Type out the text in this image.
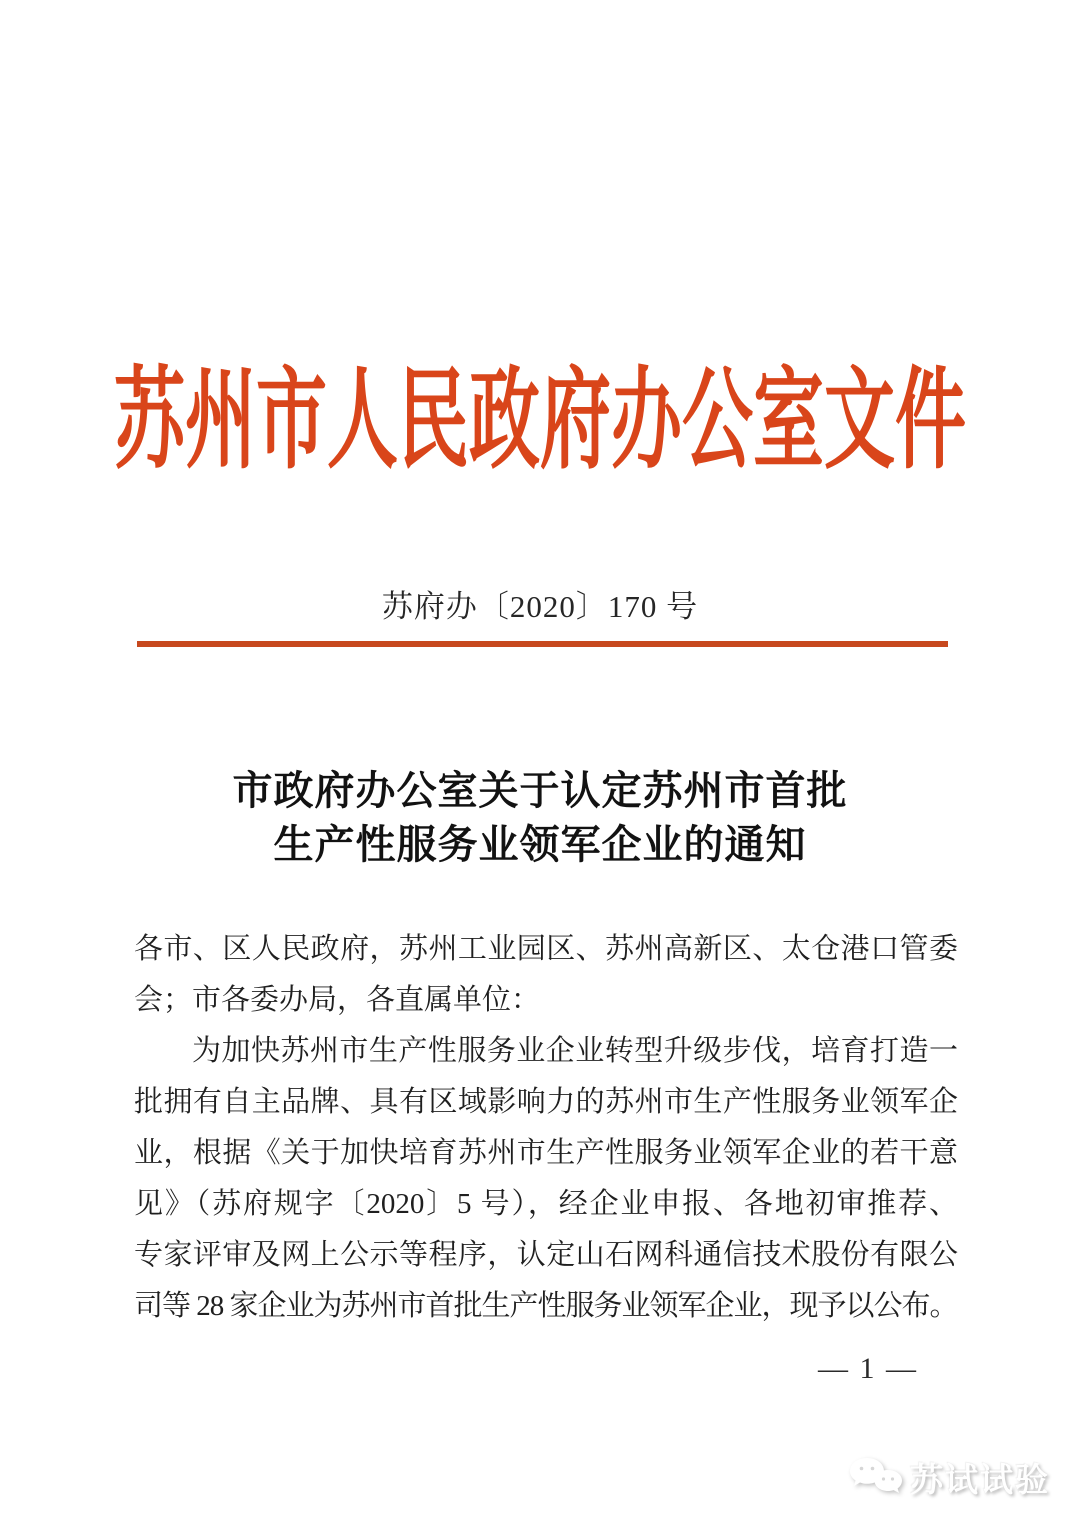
苏州市人民政府办公室文件
苏府办〔2020〕170 号
市政府办公室关于认定苏州市首批
生产性服务业领军企业的通知
各市、区人民政府，苏州工业园区、苏州高新区、太仓港口管委
会；市各委办局，各直属单位：
为加快苏州市生产性服务业企业转型升级步伐，培育打造一
批拥有自主品牌、具有区域影响力的苏州市生产性服务业领军企
业，根据《关于加快培育苏州市生产性服务业领军企业的若干意
见》（苏府规字〔2020〕5 号），经企业申报、各地初审推荐、
专家评审及网上公示等程序，认定山石网科通信技术股份有限公
司等 28 家企业为苏州市首批生产性服务业领军企业，现予以公布。
— 1 —
苏试试验
